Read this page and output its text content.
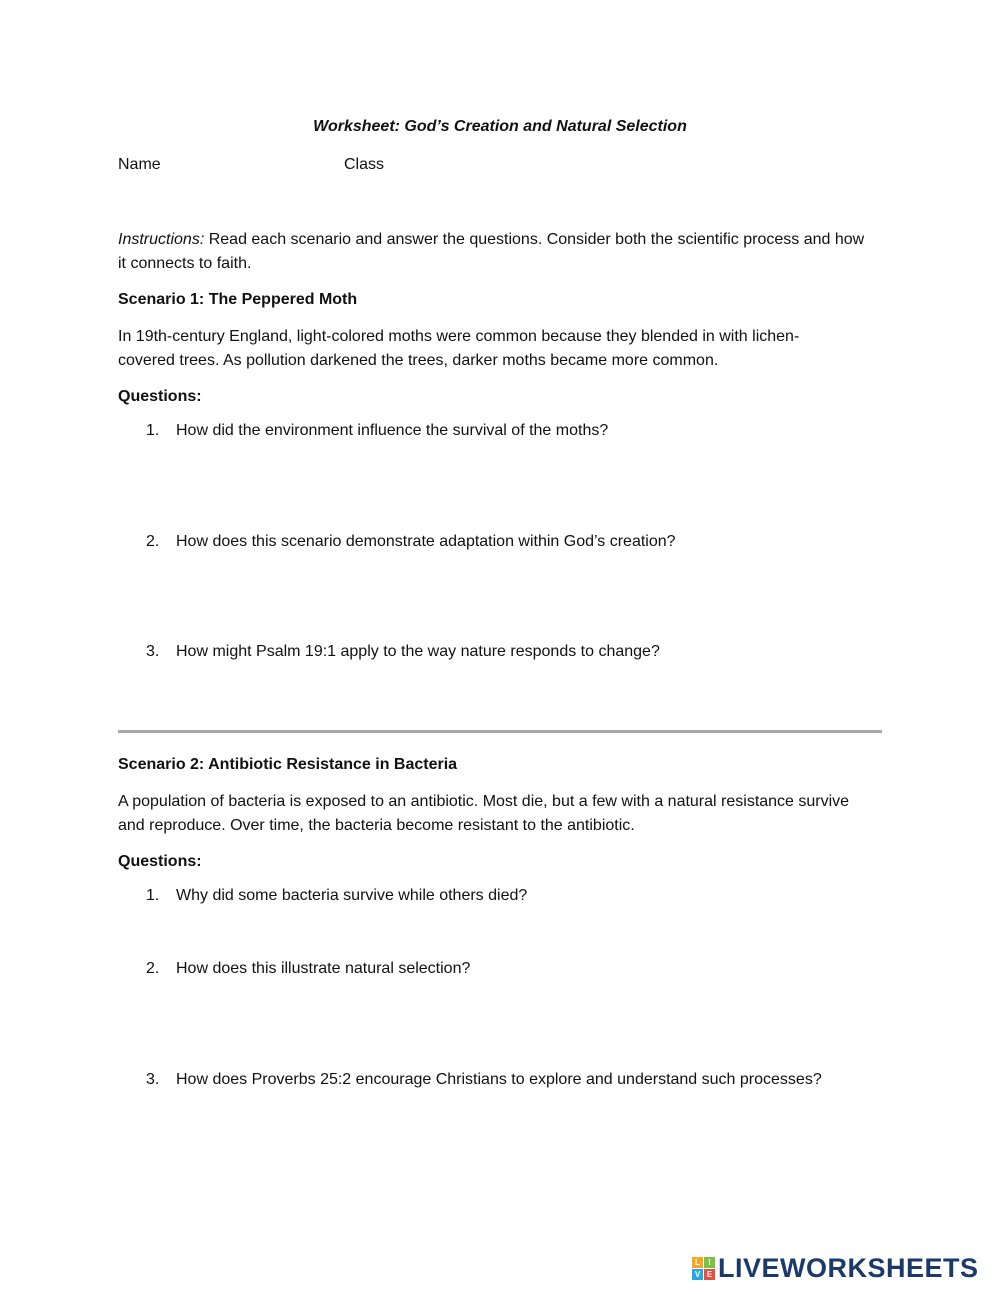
Worksheet: God’s Creation and Natural Selection
Name	Class
Instructions: Read each scenario and answer the questions. Consider both the scientific process and how
it connects to faith.
Scenario 1: The Peppered Moth
In 19th-century England, light-colored moths were common because they blended in with lichen-
covered trees. As pollution darkened the trees, darker moths became more common.
Questions:
1. How did the environment influence the survival of the moths?
2. How does this scenario demonstrate adaptation within God’s creation?
3. How might Psalm 19:1 apply to the way nature responds to change?
Scenario 2: Antibiotic Resistance in Bacteria
A population of bacteria is exposed to an antibiotic. Most die, but a few with a natural resistance survive
and reproduce. Over time, the bacteria become resistant to the antibiotic.
Questions:
1. Why did some bacteria survive while others died?
2. How does this illustrate natural selection?
3. How does Proverbs 25:2 encourage Christians to explore and understand such processes?
L	I
V E LIVEWORKSHEETS
